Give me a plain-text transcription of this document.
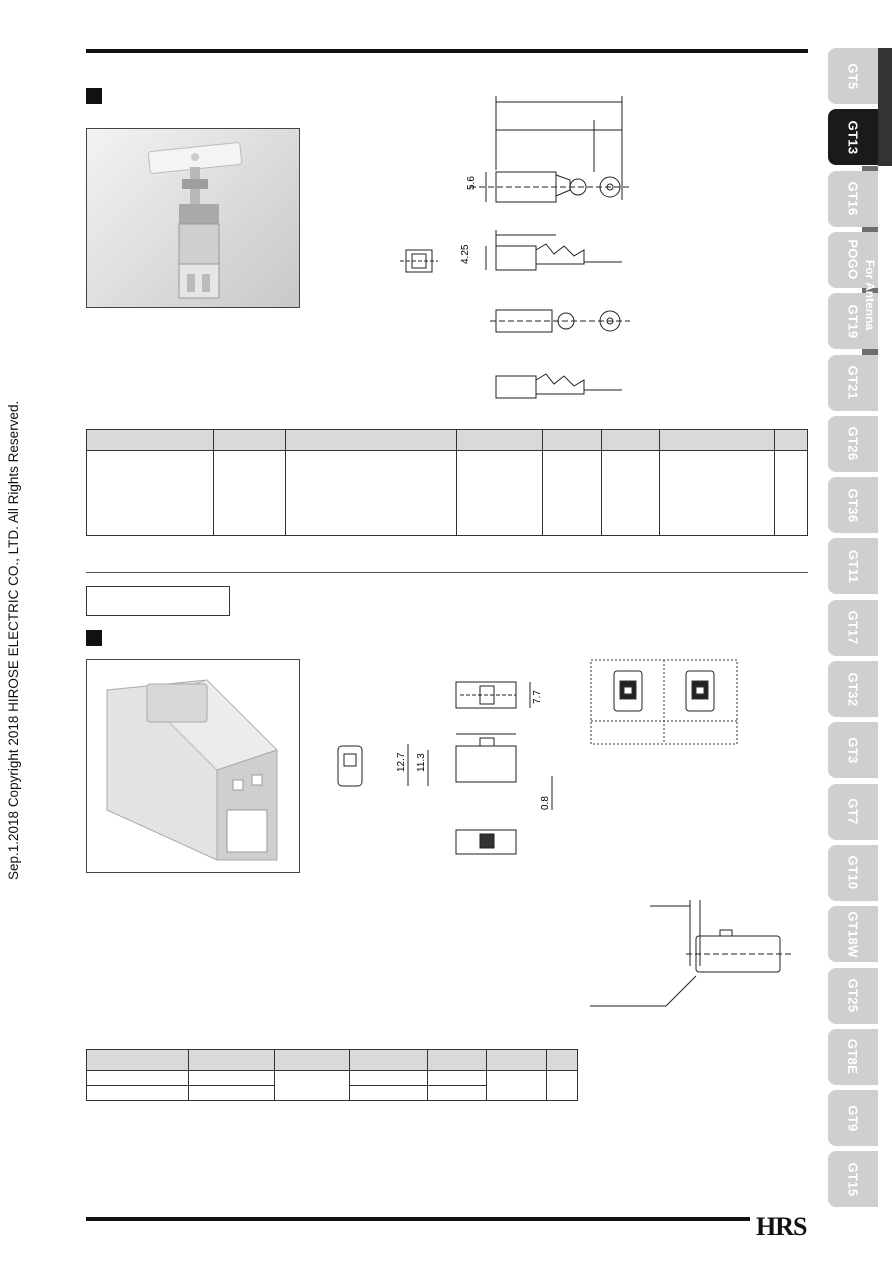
Sep.1.2018 Copyright 2018 HIROSE ELECTRIC CO., LTD. All Rights Reserved.
5.6
4.25

7.7
12.7 11.3
0.8

HRS
GT5
GT13
GT16
POGO
GT19
GT21
GT26
GT36
GT11
GT17
GT32
GT3
GT7
GT10
GT18W
GT25
GT8E
GT9
GT15
For Antenna
